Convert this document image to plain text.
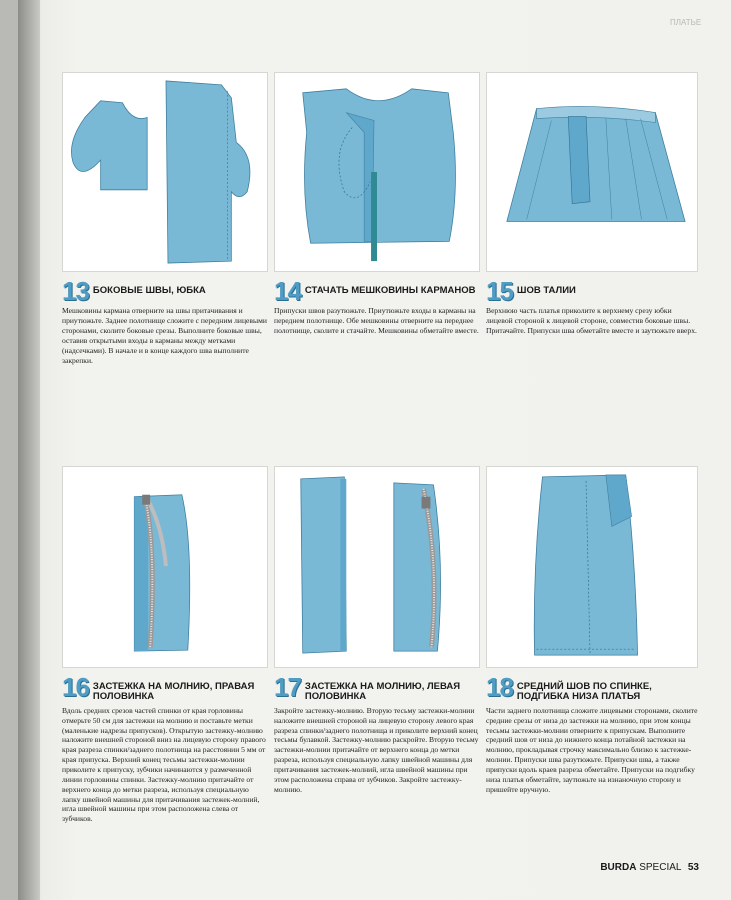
ПЛАТЬЕ
13 БОКОВЫЕ ШВЫ, ЮБКА
Мешковины кармана отверните на швы притачивания и приутюжьте. Заднее полотнище сложите с передним лицевыми сторонами, сколите боковые срезы. Выполните боковые швы, оставив открытыми входы в карманы между метками (надсечками). В начале и в конце каждого шва выполните закрепки.
14 СТАЧАТЬ МЕШКОВИНЫ КАРМАНОВ
Припуски швов разутюжьте. Приутюжьте входы в карманы на переднем полотнище. Обе мешковины отверните на переднее полотнище, сколите и стачайте. Мешковины обметайте вместе.
15 ШОВ ТАЛИИ
Верхнюю часть платья приколите к верхнему срезу юбки лицевой стороной к лицевой стороне, совместив боковые швы. Притачайте. Припуски шва обметайте вместе и заутюжьте вверх.
16 ЗАСТЕЖКА НА МОЛНИЮ, ПРАВАЯ ПОЛОВИНКА
Вдоль средних срезов частей спинки от края горловины отмерьте 50 см для застежки на молнию и поставьте метки (маленькие надрезы припусков). Открытую застежку-молнию наложите внешней стороной вниз на лицевую сторону правого края разреза спинки/заднего полотнища на расстоянии 5 мм от края припуска. Верхний конец тесьмы застежки-молнии приколите к припуску, зубчики начинаются у размеченной линии горловины спинки. Застежку-молнию притачайте от верхнего конца до метки разреза, используя специальную лапку швейной машины для притачивания застежек-молний, игла швейной машины при этом расположена слева от зубчиков.
17 ЗАСТЕЖКА НА МОЛНИЮ, ЛЕВАЯ ПОЛОВИНКА
Закройте застежку-молнию. Вторую тесьму застежки-молнии наложите внешней стороной на лицевую сторону левого края разреза спинки/заднего полотнища и приколите верхний конец тесьмы булавкой. Застежку-молнию раскройте. Вторую тесьму застежки-молнии притачайте от верхнего конца до метки разреза, используя специальную лапку швейной машины для притачивания застежек-молний, игла швейной машины при этом расположена справа от зубчиков. Закройте застежку-молнию.
18 СРЕДНИЙ ШОВ ПО СПИНКЕ, ПОДГИБКА НИЗА ПЛАТЬЯ
Части заднего полотнища сложите лицевыми сторонами, сколите средние срезы от низа до застежки на молнию, при этом концы тесьмы застежки-молнии отверните к припускам. Выполните средний шов от низа до нижнего конца потайной застежки на молнию, прокладывая строчку максимально близко к застежке-молнии. Припуски шва разутюжьте. Припуски шва, а также припуски вдоль краев разреза обметайте. Припуски на подгибку низа платья обметайте, заутюжьте на изнаночную сторону и пришейте вручную.
BURDA SPECIAL 53
